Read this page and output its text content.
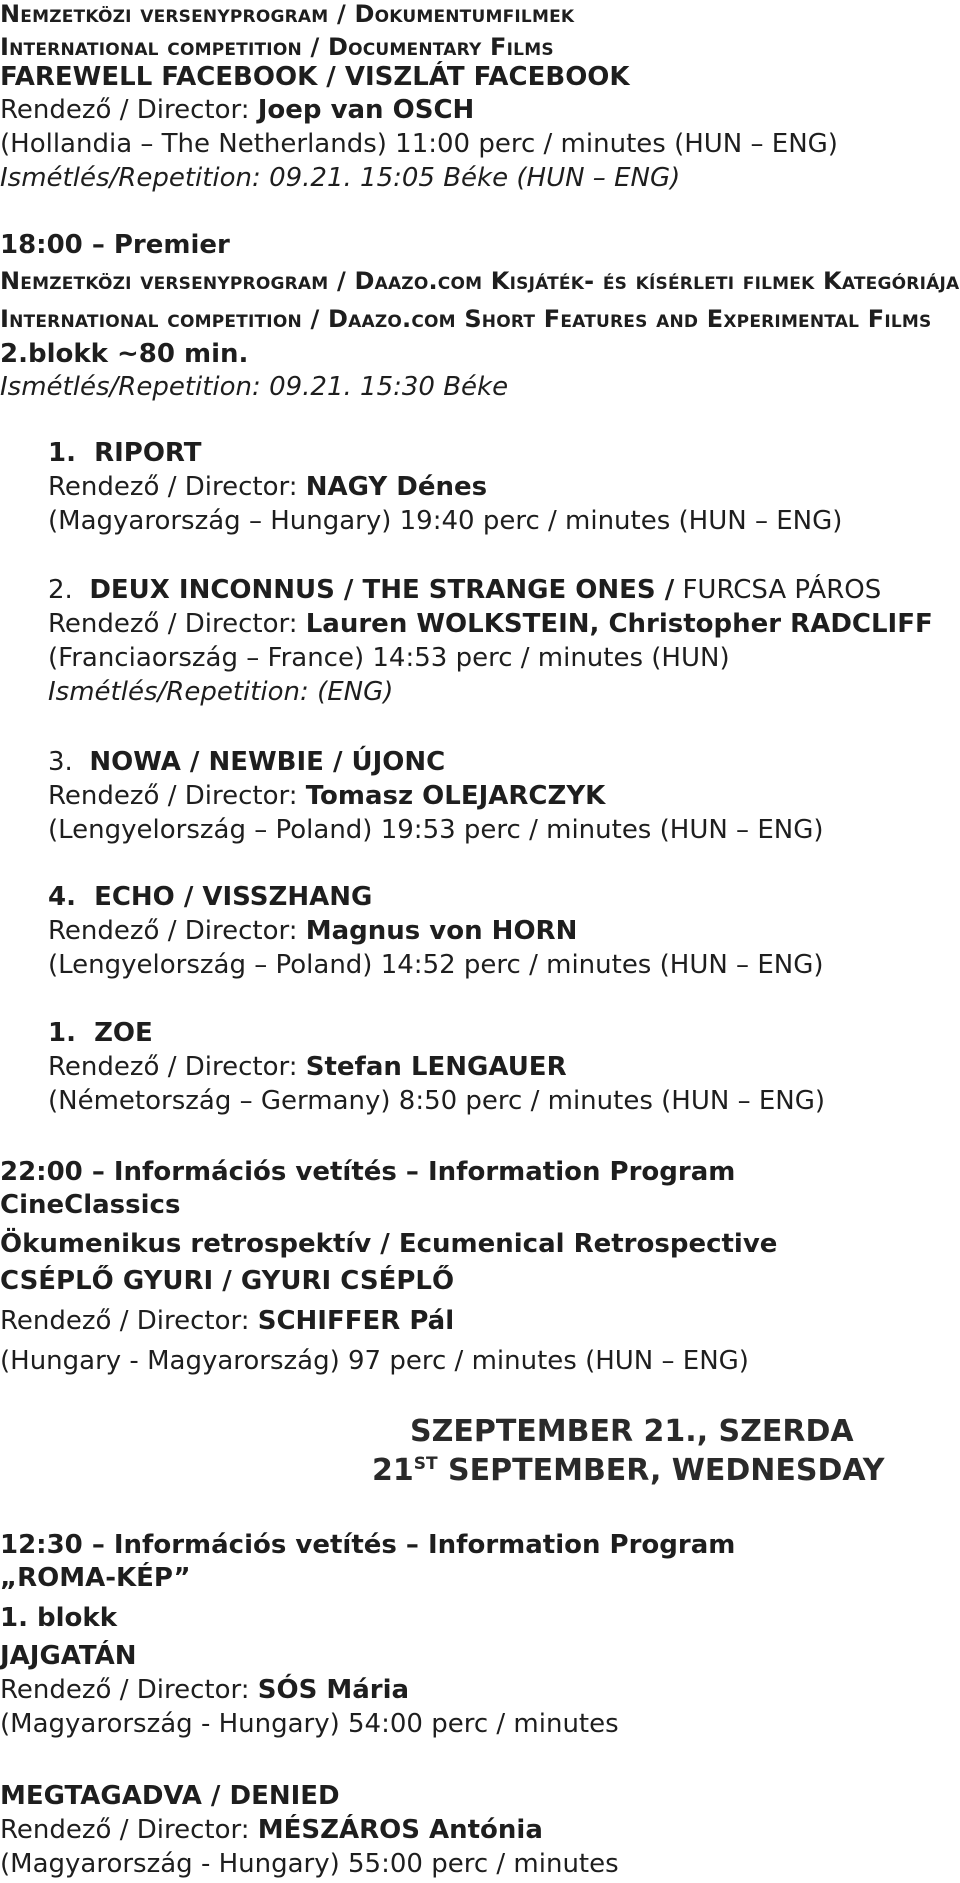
Nemzetközi versenyprogram / Dokumentumfilmek
International competition / Documentary Films
FAREWELL FACEBOOK / VISZLÁT FACEBOOK
Rendező / Director: Joep van OSCH
(Hollandia – The Netherlands) 11:00 perc / minutes (HUN – ENG)
Ismétlés/Repetition: 09.21. 15:05 Béke (HUN – ENG)
18:00 – Premier
Nemzetközi versenyprogram / Daazo.com Kisjáték- és kísérleti filmek Kategóriája
International competition / Daazo.com Short Features and Experimental Films
2.blokk ~80 min.
Ismétlés/Repetition: 09.21. 15:30 Béke
1. RIPORT
Rendező / Director: NAGY Dénes
(Magyarország – Hungary) 19:40 perc / minutes (HUN – ENG)
2. DEUX INCONNUS / THE STRANGE ONES / FURCSA PÁROS
Rendező / Director: Lauren WOLKSTEIN, Christopher RADCLIFF
(Franciaország – France) 14:53 perc / minutes (HUN)
Ismétlés/Repetition: (ENG)
3. NOWA / NEWBIE / ÚJONC
Rendező / Director: Tomasz OLEJARCZYK
(Lengyelország – Poland) 19:53 perc / minutes (HUN – ENG)
4. ECHO / VISSZHANG
Rendező / Director: Magnus von HORN
(Lengyelország – Poland) 14:52 perc / minutes (HUN – ENG)
1. ZOE
Rendező / Director: Stefan LENGAUER
(Németország – Germany) 8:50 perc / minutes (HUN – ENG)
22:00 – Információs vetítés – Information Program
CineClassics
Ökumenikus retrospektív / Ecumenical Retrospective
CSÉPLŐ GYURI / GYURI CSÉPLŐ
Rendező / Director: SCHIFFER Pál
(Hungary - Magyarország) 97 perc / minutes (HUN – ENG)
SZEPTEMBER 21., SZERDA
21ST SEPTEMBER, WEDNESDAY
12:30 – Információs vetítés – Information Program
„ROMA-KÉP”
1. blokk
JAJGATÁN
Rendező / Director: SÓS Mária
(Magyarország - Hungary) 54:00 perc / minutes
MEGTAGADVA / DENIED
Rendező / Director: MÉSZÁROS Antónia
(Magyarország - Hungary) 55:00 perc / minutes
